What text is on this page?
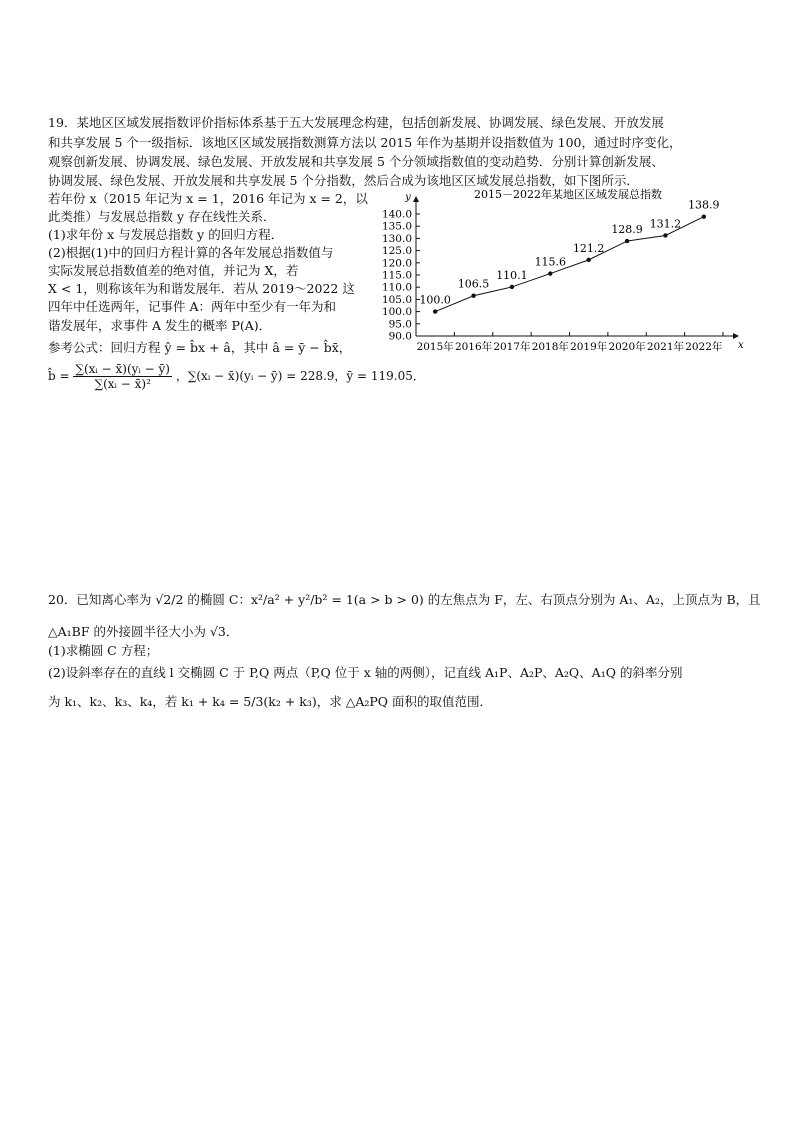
19．某地区区域发展指数评价指标体系基于五大发展理念构建，包括创新发展、协调发展、绿色发展、开放发展
和共享发展 5 个一级指标．该地区区域发展指数测算方法以 2015 年作为基期并设指数值为 100，通过时序变化，
观察创新发展、协调发展、绿色发展、开放发展和共享发展 5 个分领域指数值的变动趋势．分别计算创新发展、
协调发展、绿色发展、开放发展和共享发展 5 个分指数，然后合成为该地区区域发展总指数，如下图所示．
若年份 x（2015 年记为 x = 1，2016 年记为 x = 2，以
此类推）与发展总指数 y 存在线性关系．
(1)求年份 x 与发展总指数 y 的回归方程．
(2)根据(1)中的回归方程计算的各年发展总指数值与
实际发展总指数值差的绝对值，并记为 X，若
X < 1，则称该年为和谐发展年．若从 2019～2022 这
四年中任选两年，记事件 A：两年中至少有一年为和
谐发展年，求事件 A 发生的概率 P(A)．
参考公式：回归方程 ŷ = b̂x + â，其中 â = ȳ − b̂x̄，
b̂ = $\frac{\text{∑(xᵢ − x̄)(yᵢ − ȳ)}}{\text{∑(xᵢ − x̄)²}}$ ，∑(xᵢ − x̄)(yᵢ − ȳ) = 228.9，ȳ = 119.05．
2015－2022年某地区区域发展总指数
y
x
90.0
95.0
100.0
105.0
110.0
115.0
120.0
125.0
130.0
135.0
140.0
2015年 2016年 2017年 2018年 2019年 2020年 2021年 2022年
100.0
106.5
110.1
115.6
121.2
128.9 131.2
138.9
20．已知离心率为 √2/2 的椭圆 C：x²/a² + y²/b² = 1(a > b > 0) 的左焦点为 F，左、右顶点分别为 A₁、A₂，上顶点为 B，且
△A₁BF 的外接圆半径大小为 √3．
(1)求椭圆 C 方程；
(2)设斜率存在的直线 l 交椭圆 C 于 P,Q 两点（P,Q 位于 x 轴的两侧），记直线 A₁P、A₂P、A₂Q、A₁Q 的斜率分别
为 k₁、k₂、k₃、k₄，若 k₁ + k₄ = 5/3(k₂ + k₃)，求 △A₂PQ 面积的取值范围．
